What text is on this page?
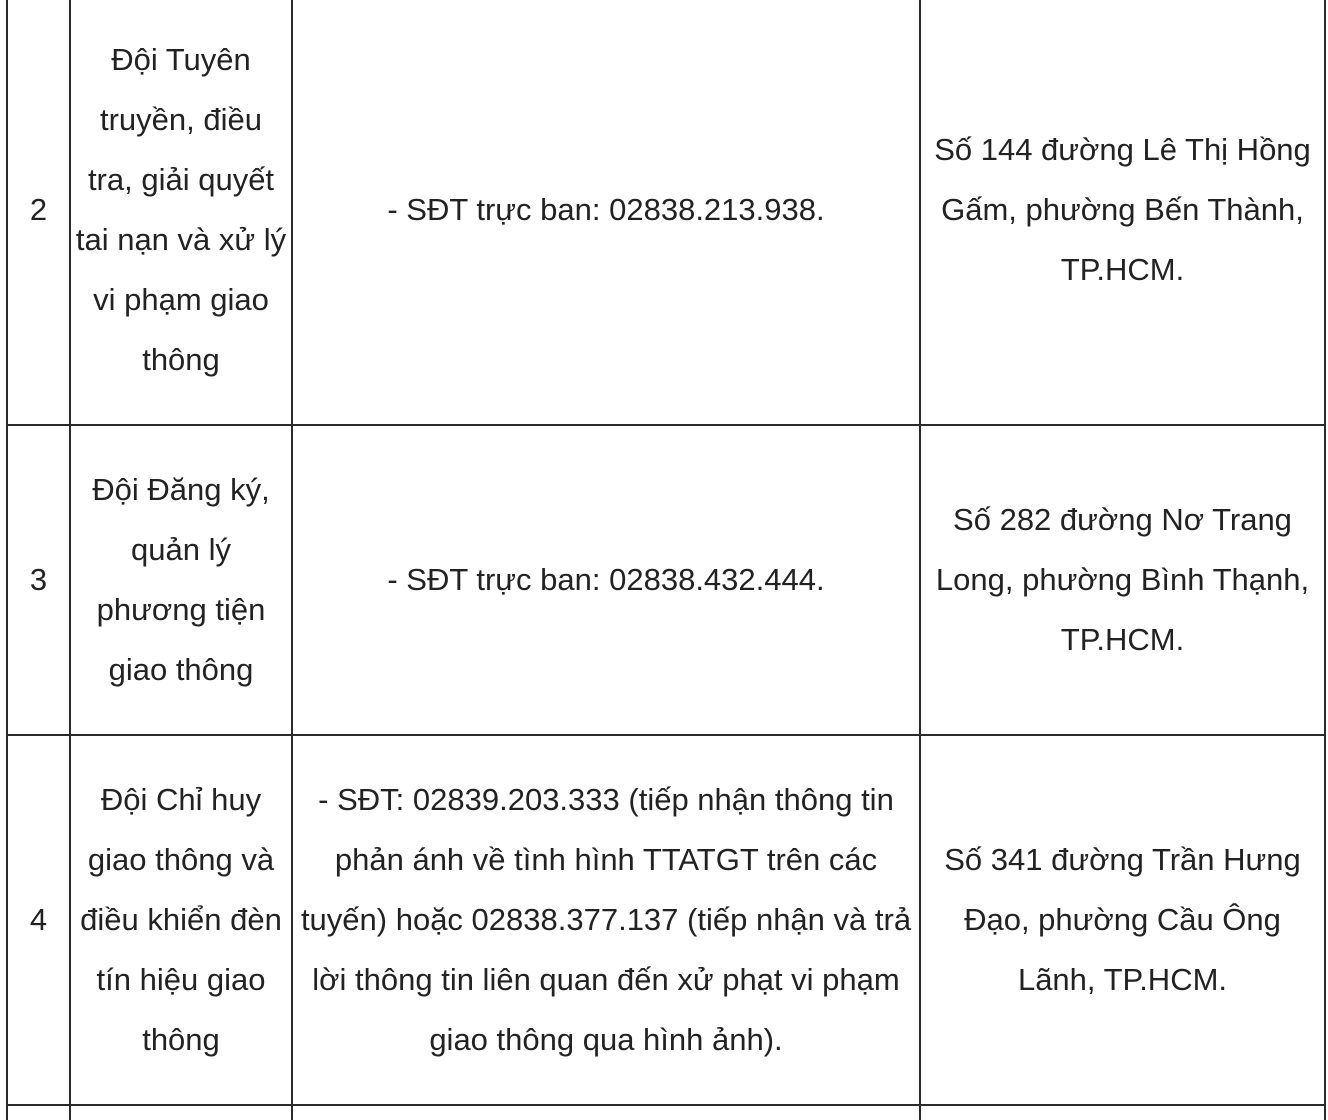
2	Đội Tuyên truyền, điều tra, giải quyết tai nạn và xử lý vi phạm giao thông	- SĐT trực ban: 02838.213.938.	Số 144 đường Lê Thị Hồng Gấm, phường Bến Thành, TP.HCM.
3	Đội Đăng ký, quản lý phương tiện giao thông	- SĐT trực ban: 02838.432.444.	Số 282 đường Nơ Trang Long, phường Bình Thạnh, TP.HCM.
4	Đội Chỉ huy giao thông và điều khiển đèn tín hiệu giao thông	- SĐT: 02839.203.333 (tiếp nhận thông tin phản ánh về tình hình TTATGT trên các tuyến) hoặc 02838.377.137 (tiếp nhận và trả lời thông tin liên quan đến xử phạt vi phạm giao thông qua hình ảnh).	Số 341 đường Trần Hưng Đạo, phường Cầu Ông Lãnh, TP.HCM.
